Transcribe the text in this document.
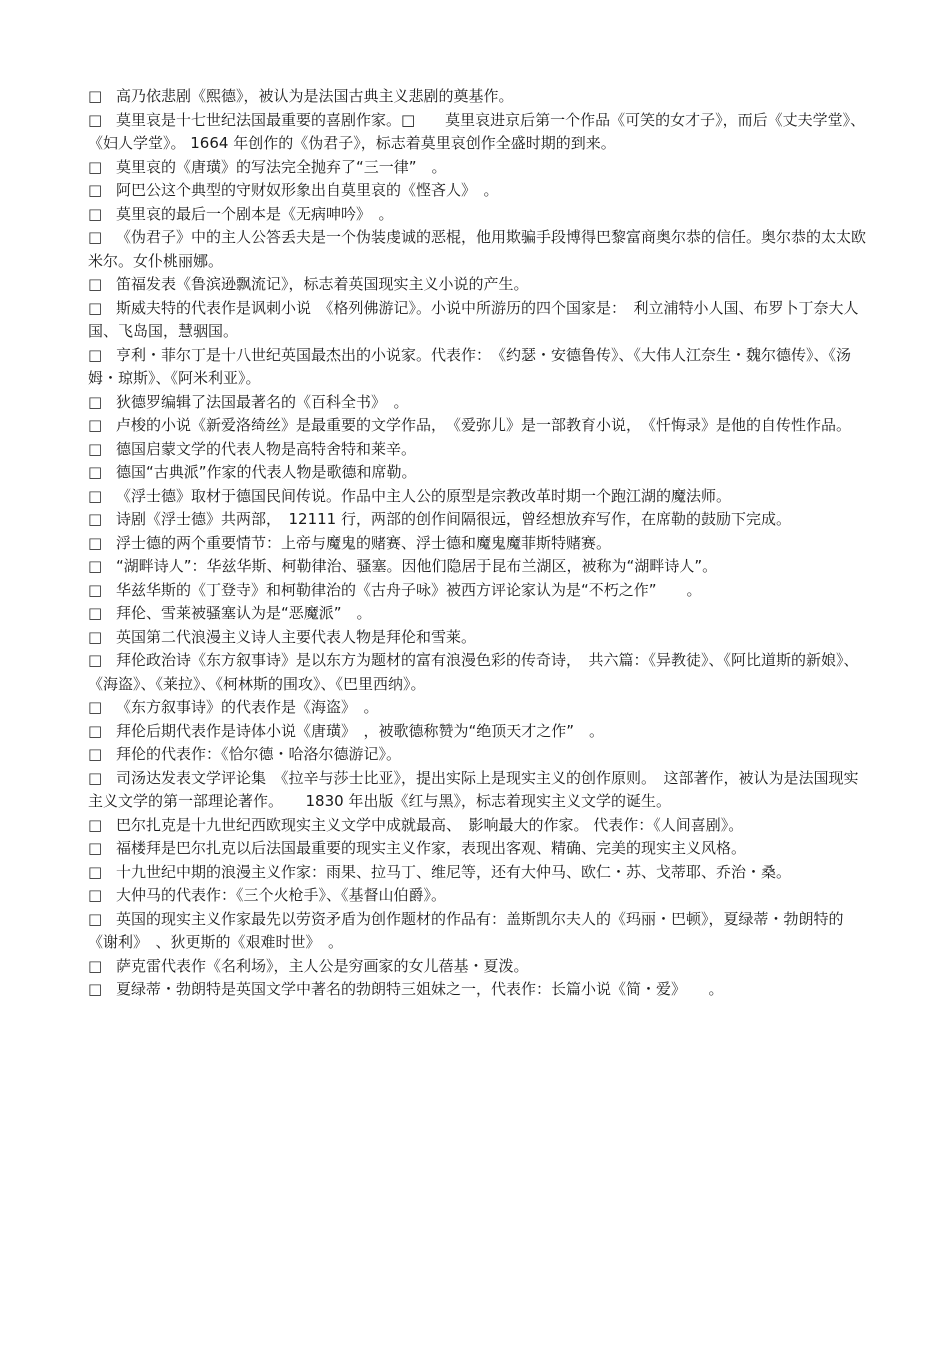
□ 高乃依悲剧《熙德》，被认为是法国古典主义悲剧的奠基作。

□ 莫里哀是十七世纪法国最重要的喜剧作家。□　　莫里哀进京后第一个作品《可笑的女才子》，而后《丈夫学堂》、《妇人学堂》。 1664 年创作的《伪君子》，标志着莫里哀创作全盛时期的到来。

□ 莫里哀的《唐璜》的写法完全抛弃了“三一律”　。

□ 阿巴公这个典型的守财奴形象出自莫里哀的《悭吝人》　。

□ 莫里哀的最后一个剧本是《无病呻吟》　。

□ 《伪君子》中的主人公答丢夫是一个伪装虔诚的恶棍，他用欺骗手段博得巴黎富商奥尔恭的信任。奥尔恭的太太欧米尔。女仆桃丽娜。

□ 笛福发表《鲁滨逊飘流记》，标志着英国现实主义小说的产生。

□ 斯威夫特的代表作是讽刺小说　《格列佛游记》。小说中所游历的四个国家是：　利立浦特小人国、布罗卜丁奈大人国、飞岛国，慧骃国。

□ 亨利・菲尔丁是十八世纪英国最杰出的小说家。代表作：　《约瑟・安德鲁传》、《大伟人江奈生・魏尔德传》、《汤姆・琼斯》、《阿米利亚》。

□ 狄德罗编辑了法国最著名的《百科全书》　。

□ 卢梭的小说《新爱洛绮丝》是最重要的文学作品，　《爱弥儿》是一部教育小说，　《忏悔录》是他的自传性作品。

□ 德国启蒙文学的代表人物是高特舍特和莱辛。

□ 德国“古典派”作家的代表人物是歌德和席勒。

□ 《浮士德》取材于德国民间传说。作品中主人公的原型是宗教改革时期一个跑江湖的魔法师。

□ 诗剧《浮士德》共两部，　12111 行，两部的创作间隔很远，曾经想放弃写作，在席勒的鼓励下完成。

□ 浮士德的两个重要情节：上帝与魔鬼的赌赛、浮士德和魔鬼魔菲斯特赌赛。

□ “湖畔诗人”：华兹华斯、柯勒律治、骚塞。因他们隐居于昆布兰湖区，被称为“湖畔诗人”。

□ 华兹华斯的《丁登寺》和柯勒律治的《古舟子咏》被西方评论家认为是“不朽之作”　　。

□ 拜伦、雪莱被骚塞认为是“恶魔派”　。

□ 英国第二代浪漫主义诗人主要代表人物是拜伦和雪莱。

□ 拜伦政治诗《东方叙事诗》是以东方为题材的富有浪漫色彩的传奇诗，　共六篇：《异教徒》、《阿比道斯的新娘》、《海盗》、《莱拉》、《柯林斯的围攻》、《巴里西纳》。

□ 《东方叙事诗》的代表作是《海盗》　。

□ 拜伦后期代表作是诗体小说《唐璜》　，被歌德称赞为“绝顶天才之作”　。

□ 拜伦的代表作：《恰尔德・哈洛尔德游记》。

□ 司汤达发表文学评论集　《拉辛与莎士比亚》，提出实际上是现实主义的创作原则。　这部著作，被认为是法国现实主义文学的第一部理论著作。　　1830 年出版《红与黑》，标志着现实主义文学的诞生。

□ 巴尔扎克是十九世纪西欧现实主义文学中成就最高、　影响最大的作家。 代表作：《人间喜剧》。

□ 福楼拜是巴尔扎克以后法国最重要的现实主义作家，表现出客观、精确、完美的现实主义风格。

□ 十九世纪中期的浪漫主义作家：雨果、拉马丁、维尼等，还有大仲马、欧仁・苏、戈蒂耶、乔治・桑。

□ 大仲马的代表作：《三个火枪手》、《基督山伯爵》。

□ 英国的现实主义作家最先以劳资矛盾为创作题材的作品有：盖斯凯尔夫人的《玛丽・巴顿》，夏绿蒂・勃朗特的《谢利》　、狄更斯的《艰难时世》　。

□ 萨克雷代表作《名利场》，主人公是穷画家的女儿蓓基・夏泼。

□ 夏绿蒂・勃朗特是英国文学中著名的勃朗特三姐妹之一，代表作：长篇小说《简・爱》　　。
